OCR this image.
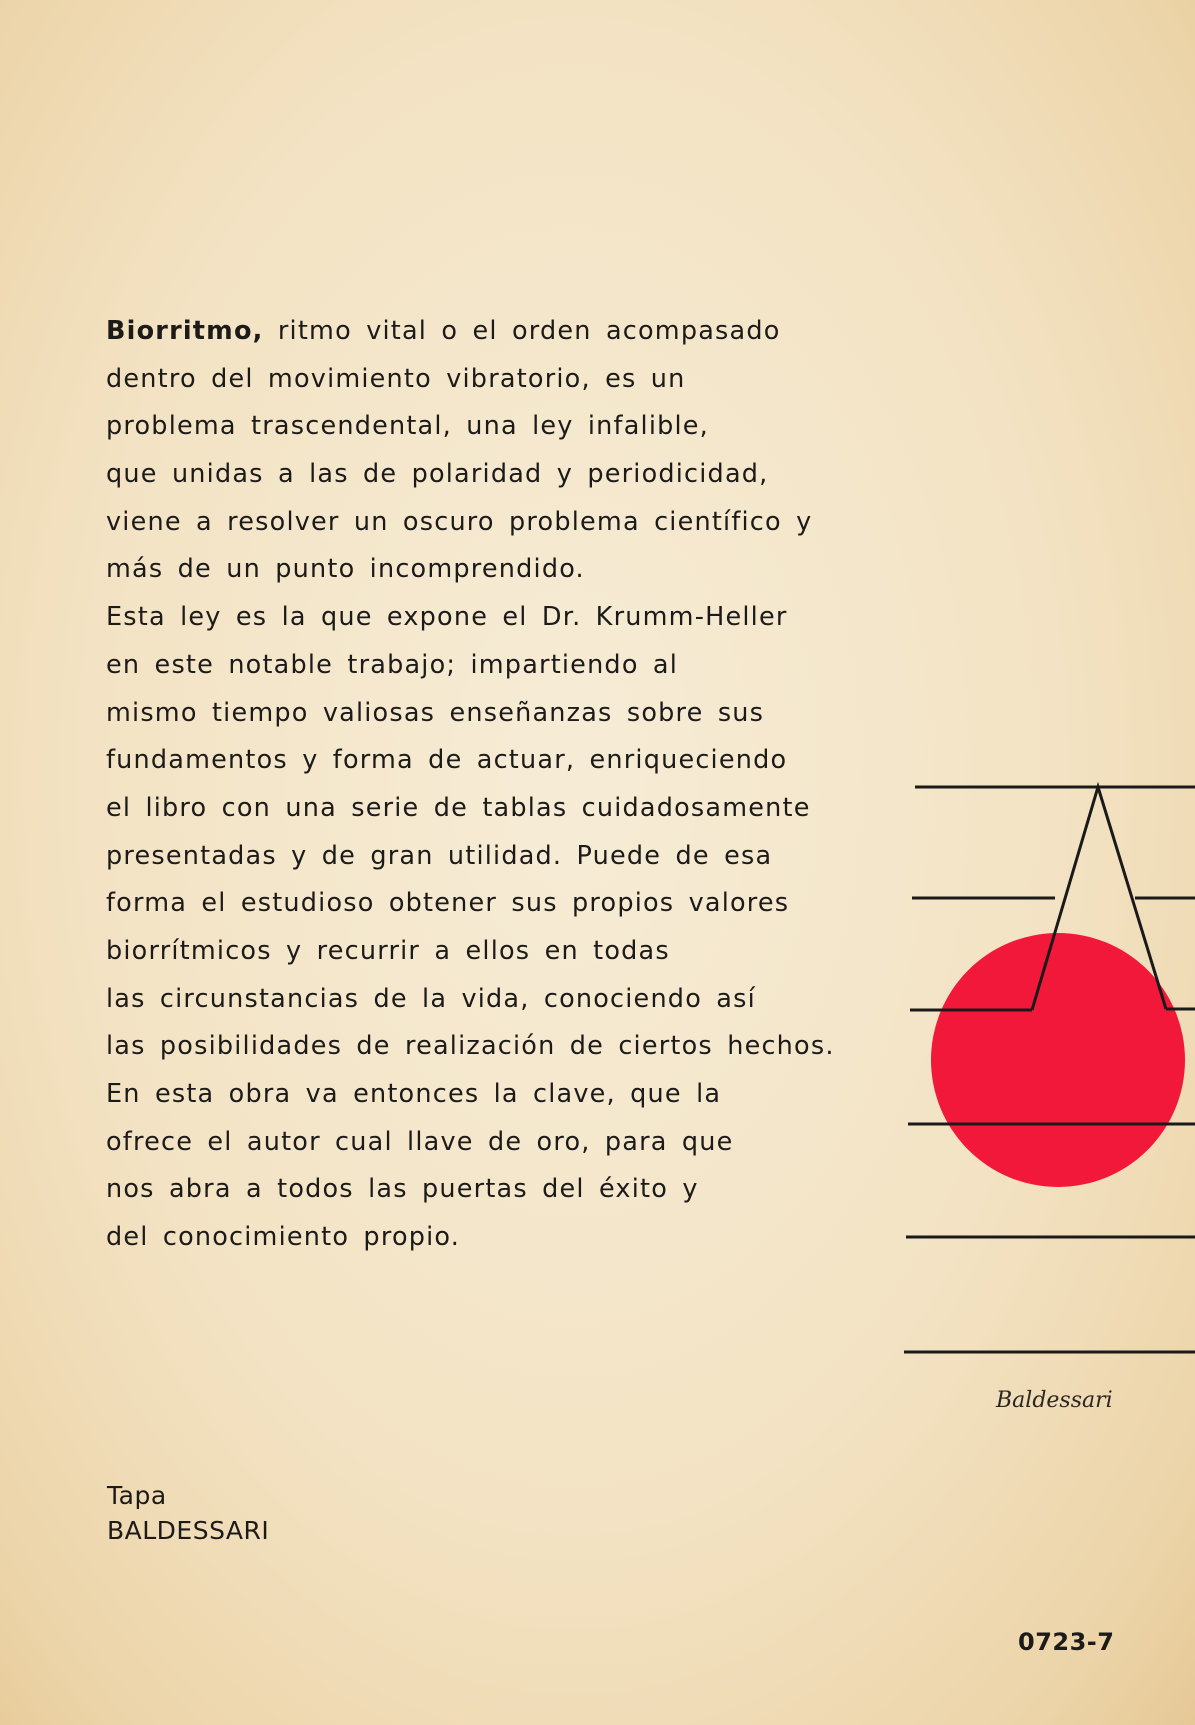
Biorritmo, ritmo vital o el orden acompasado
dentro del movimiento vibratorio, es un
problema trascendental, una ley infalible,
que unidas a las de polaridad y periodicidad,
viene a resolver un oscuro problema científico y
más de un punto incomprendido.
Esta ley es la que expone el Dr. Krumm-Heller
en este notable trabajo; impartiendo al
mismo tiempo valiosas enseñanzas sobre sus
fundamentos y forma de actuar, enriqueciendo
el libro con una serie de tablas cuidadosamente
presentadas y de gran utilidad. Puede de esa
forma el estudioso obtener sus propios valores
biorrítmicos y recurrir a ellos en todas
las circunstancias de la vida, conociendo así
las posibilidades de realización de ciertos hechos.
En esta obra va entonces la clave, que la
ofrece el autor cual llave de oro, para que
nos abra a todos las puertas del éxito y
del conocimiento propio.
Baldessari
Tapa
BALDESSARI
0723-7
